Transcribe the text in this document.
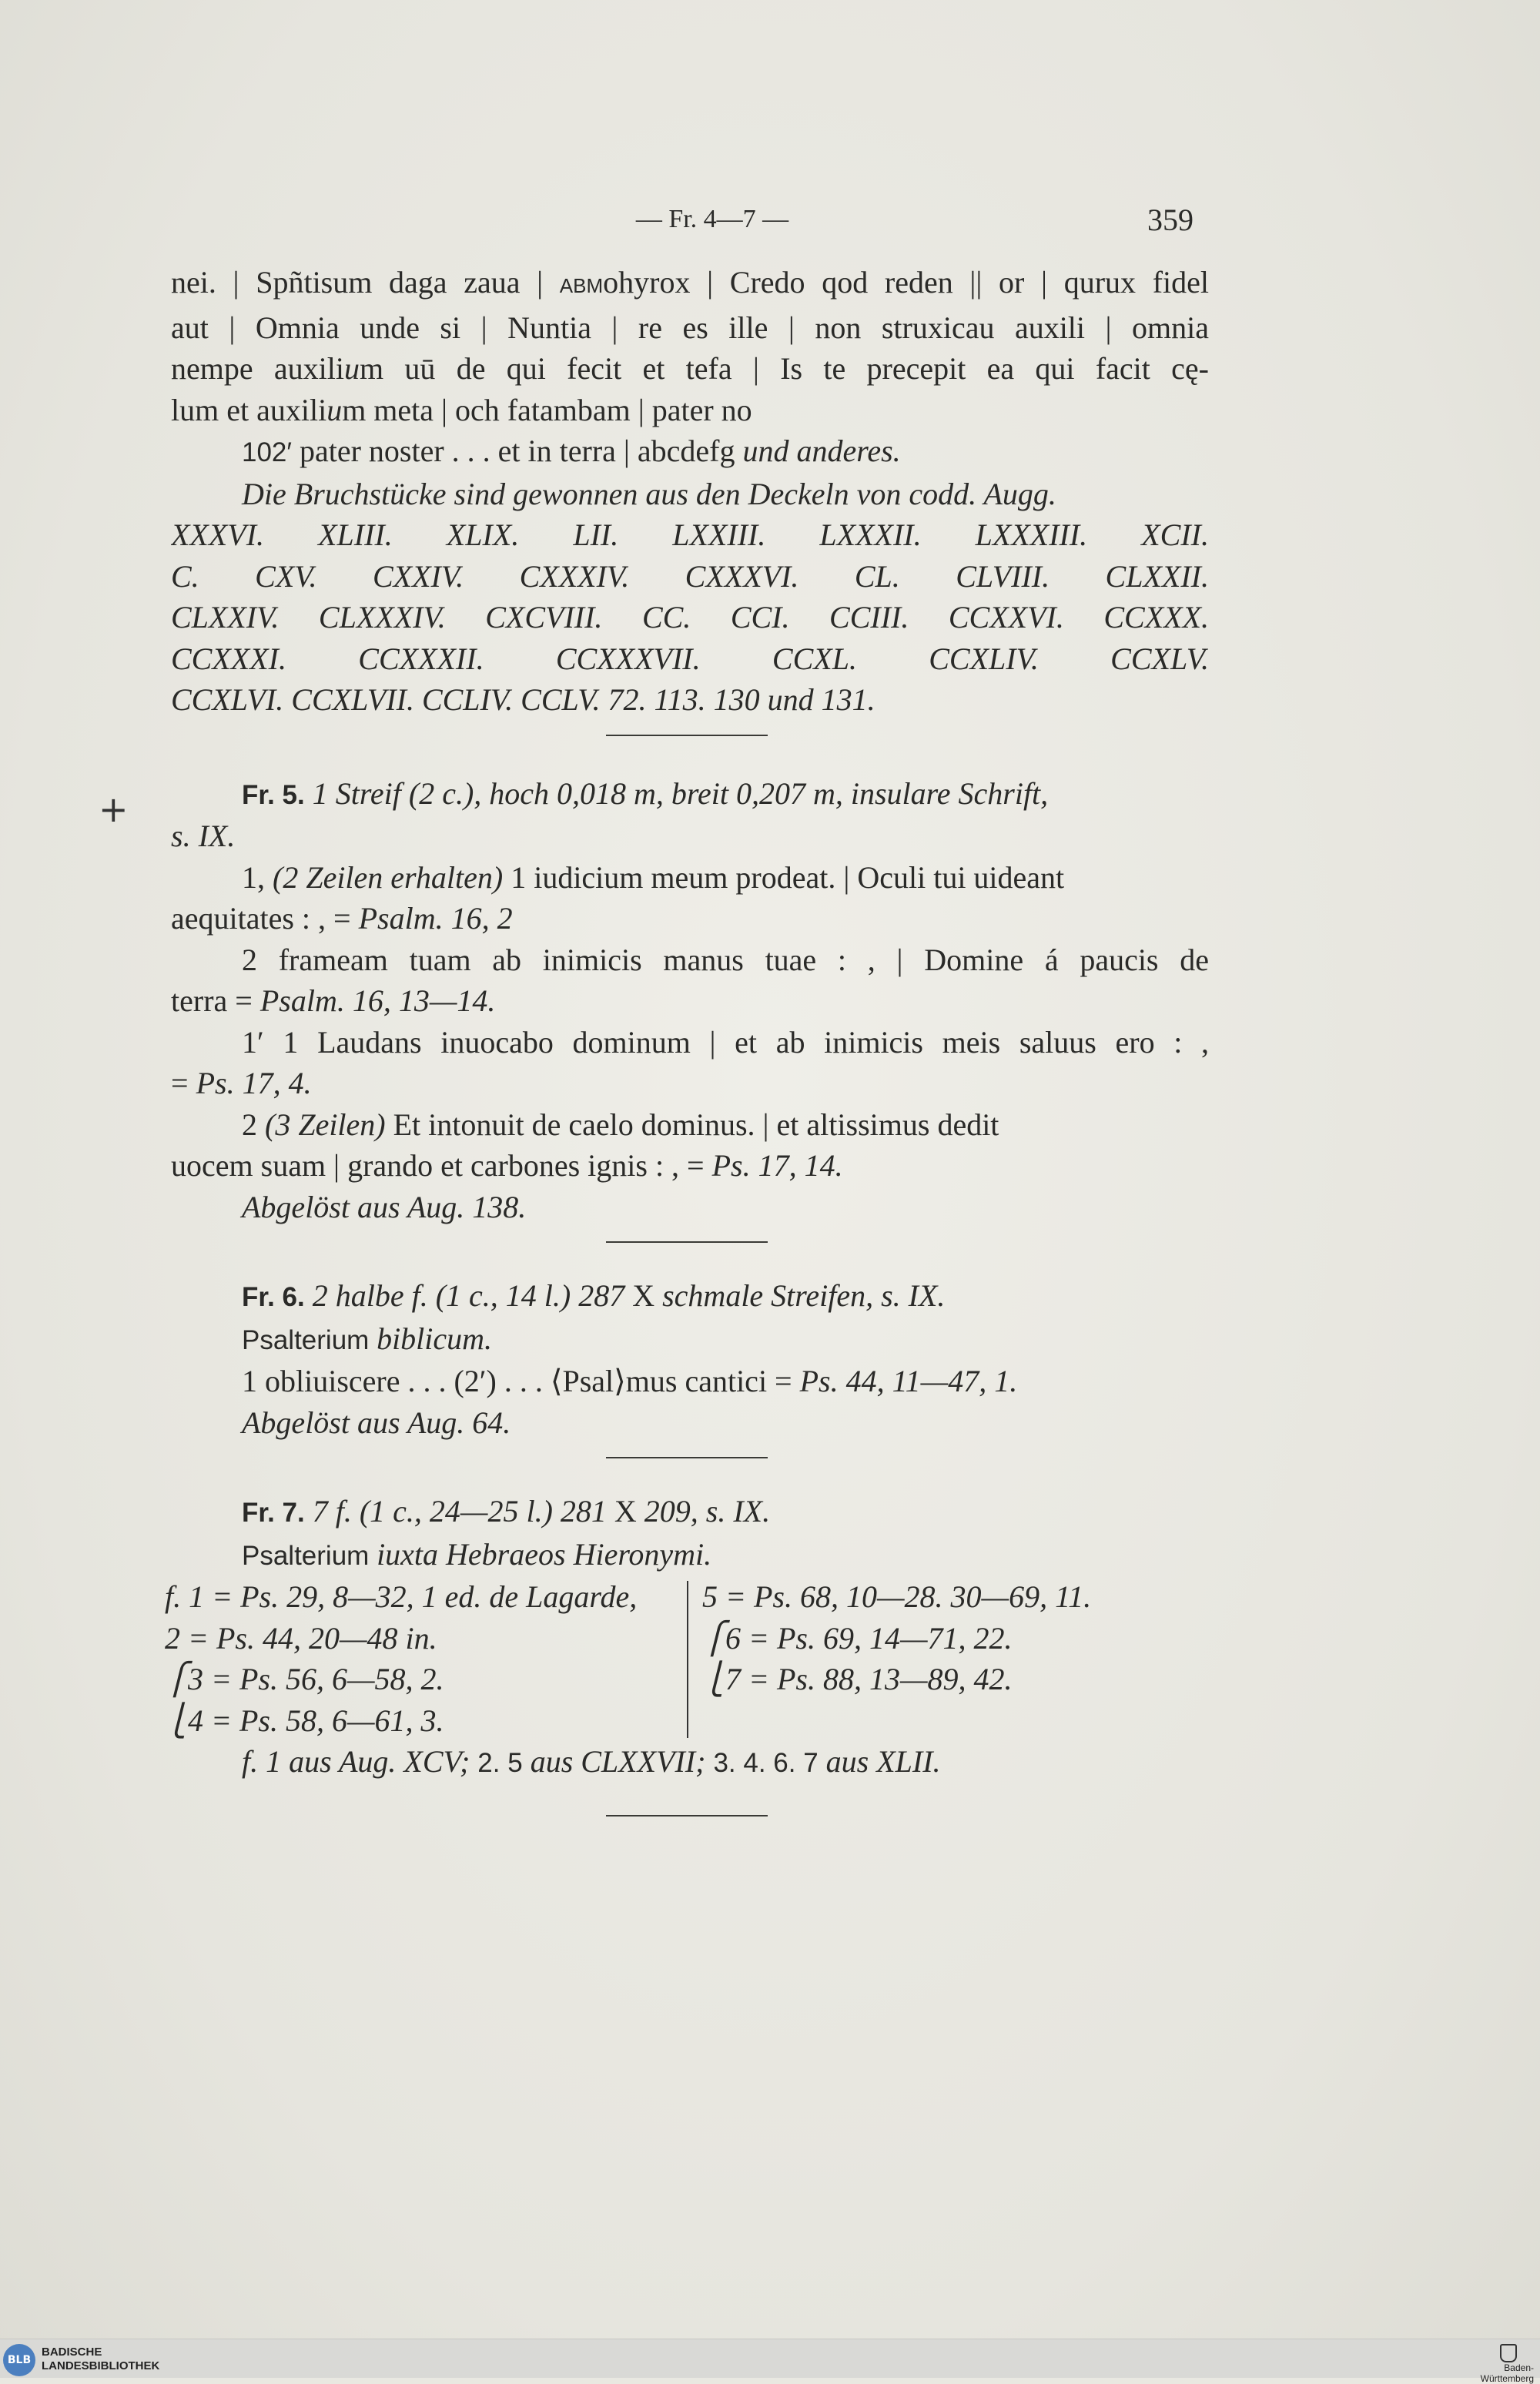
— Fr. 4—7 —	359
+
nei. | Spñtisum daga zaua | ABMohyrox | Credo qod reden || or | qurux fidel
aut | Omnia unde si | Nuntia | re es ille | non struxicau auxili | omnia
nempe auxilium uū de qui fecit et tefa | Is te precepit ea qui facit cę-
lum et auxilium meta | och fatambam | pater no
102′ pater noster . . . et in terra | abcdefg und anderes.
Die Bruchstücke sind gewonnen aus den Deckeln von codd. Augg.
XXXVI. XLIII. XLIX. LII. LXXIII. LXXXII. LXXXIII. XCII.
C. CXV. CXXIV. CXXXIV. CXXXVI. CL. CLVIII. CLXXII.
CLXXIV. CLXXXIV. CXCVIII. CC. CCI. CCIII. CCXXVI. CCXXX.
CCXXXI. CCXXXII. CCXXXVII. CCXL. CCXLIV. CCXLV.
CCXLVI. CCXLVII. CCLIV. CCLV. 72. 113. 130 und 131.
Fr. 5. 1 Streif (2 c.), hoch 0,018 m, breit 0,207 m, insulare Schrift,
s. IX.
1, (2 Zeilen erhalten) 1 iudicium meum prodeat. | Oculi tui uideant
aequitates : , = Psalm. 16, 2
2 frameam tuam ab inimicis manus tuae : , | Domine á paucis de
terra = Psalm. 16, 13—14.
1′ 1 Laudans inuocabo dominum | et ab inimicis meis saluus ero : ,
= Ps. 17, 4.
2 (3 Zeilen) Et intonuit de caelo dominus. | et altissimus dedit
uocem suam | grando et carbones ignis : , = Ps. 17, 14.
Abgelöst aus Aug. 138.
Fr. 6. 2 halbe f. (1 c., 14 l.) 287 X schmale Streifen, s. IX.
Psalterium biblicum.
1 obliuiscere . . . (2′) . . . ⟨Psal⟩mus cantici = Ps. 44, 11—47, 1.
Abgelöst aus Aug. 64.
Fr. 7. 7 f. (1 c., 24—25 l.) 281 X 209, s. IX.
Psalterium iuxta Hebraeos Hieronymi.
f. 1 = Ps. 29, 8—32, 1 ed. de Lagarde,
2 = Ps. 44, 20—48 in.
⎧3 = Ps. 56, 6—58, 2.
⎩4 = Ps. 58, 6—61, 3.
5 = Ps. 68, 10—28. 30—69, 11.
⎧6 = Ps. 69, 14—71, 22.
⎩7 = Ps. 88, 13—89, 42.
f. 1 aus Aug. XCV; 2. 5 aus CLXXVII; 3. 4. 6. 7 aus XLII.
BLB
BADISCHE
LANDESBIBLIOTHEK	Baden-Württemberg
